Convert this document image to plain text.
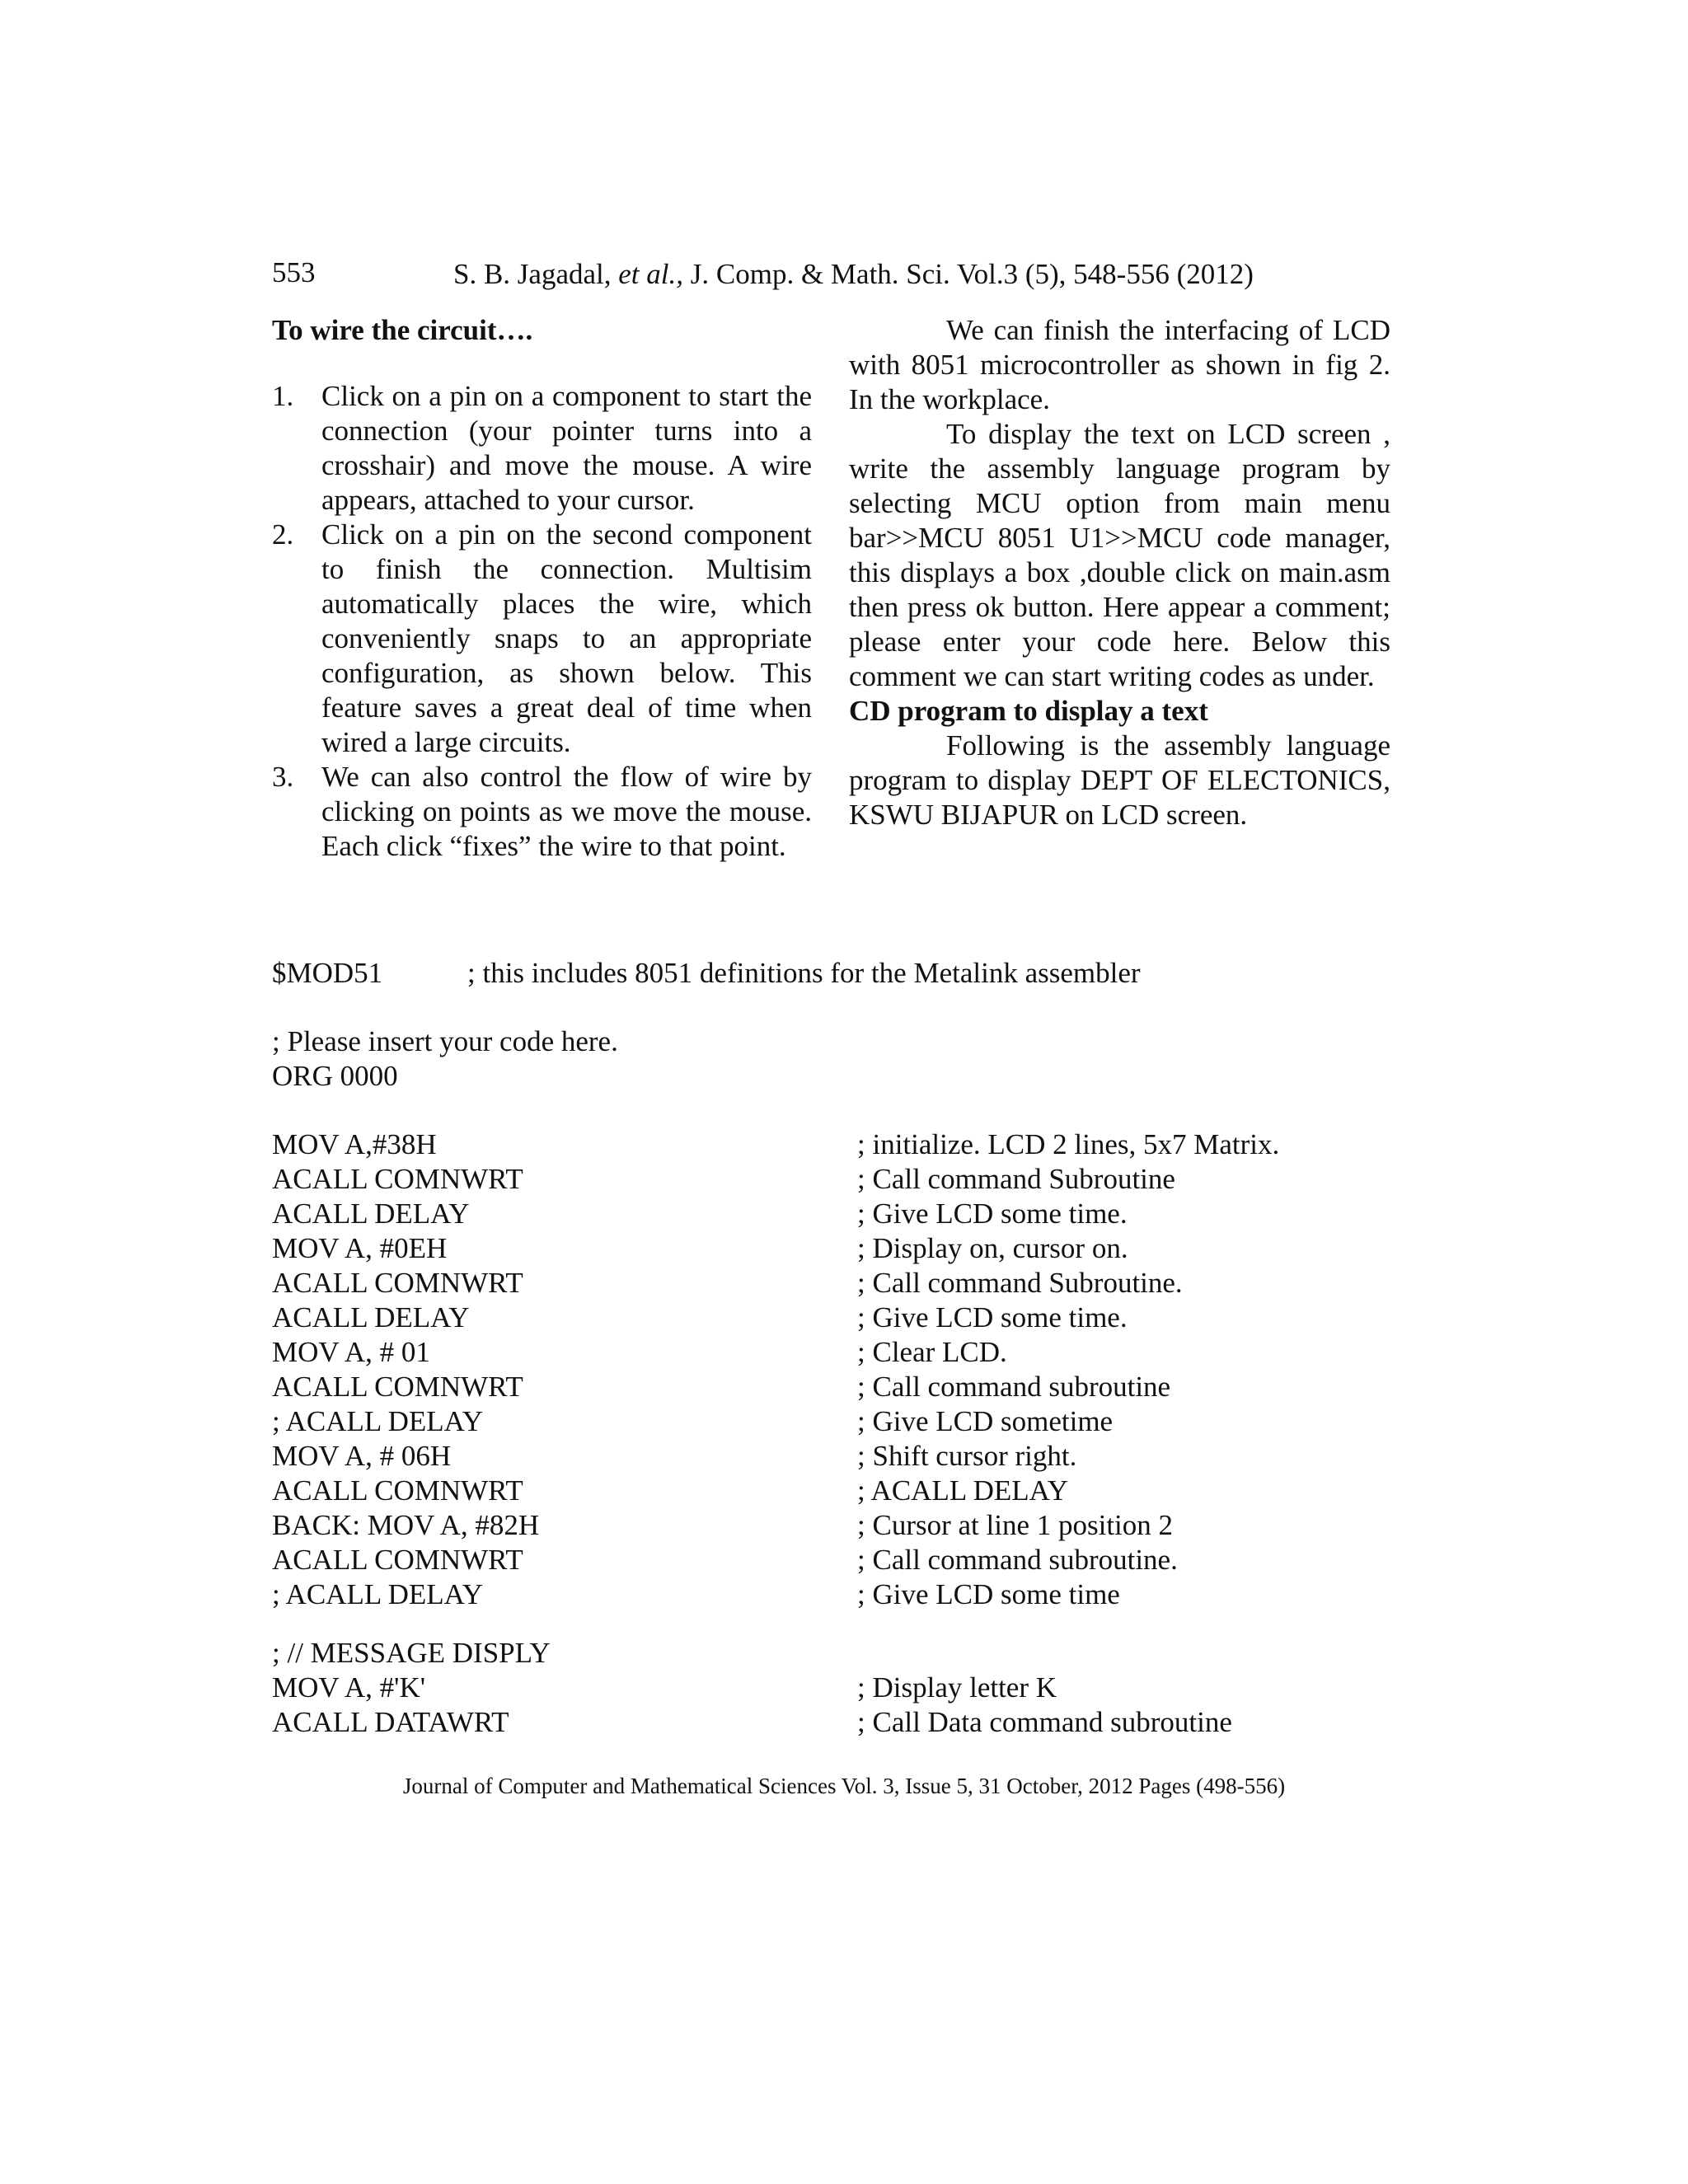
553	S. B. Jagadal, et al., J. Comp. & Math. Sci. Vol.3 (5), 548-556 (2012)

To wire the circuit….

1. Click on a pin on a component to start the connection (your pointer turns into a crosshair) and move the mouse. A wire appears, attached to your cursor.
2. Click on a pin on the second component to finish the connection. Multisim automatically places the wire, which conveniently snaps to an appropriate configuration, as shown below. This feature saves a great deal of time when wired a large circuits.
3. We can also control the flow of wire by clicking on points as we move the mouse. Each click “fixes” the wire to that point.

We can finish the interfacing of LCD with 8051 microcontroller as shown in fig 2. In the workplace.

To display the text on LCD screen , write the assembly language program by selecting MCU option from main menu bar>>MCU 8051 U1>>MCU code manager, this displays a box ,double click on main.asm then press ok button. Here appear a comment; please enter your code here. Below this comment we can start writing codes as under.

CD program to display a text

Following is the assembly language program to display DEPT OF ELECTONICS, KSWU BIJAPUR on LCD screen.

$MOD51	; this includes 8051 definitions for the Metalink assembler
; Please insert your code here.
ORG 0000
MOV A,#38H	; initialize. LCD 2 lines, 5x7 Matrix.
ACALL COMNWRT	; Call command Subroutine
ACALL DELAY	; Give LCD some time.
MOV A, #0EH	; Display on, cursor on.
ACALL COMNWRT	; Call command Subroutine.
ACALL DELAY	; Give LCD some time.
MOV A, # 01	; Clear LCD.
ACALL COMNWRT	; Call command subroutine
; ACALL DELAY	; Give LCD sometime
MOV A, # 06H	; Shift cursor right.
ACALL COMNWRT	; ACALL DELAY
BACK: MOV A, #82H	; Cursor at line 1 position 2
ACALL COMNWRT	; Call command subroutine.
; ACALL DELAY	; Give LCD some time
; // MESSAGE DISPLY
MOV A, #'K'	; Display letter K
ACALL DATAWRT	; Call Data command subroutine
Journal of Computer and Mathematical Sciences Vol. 3, Issue 5, 31 October, 2012 Pages (498-556)
